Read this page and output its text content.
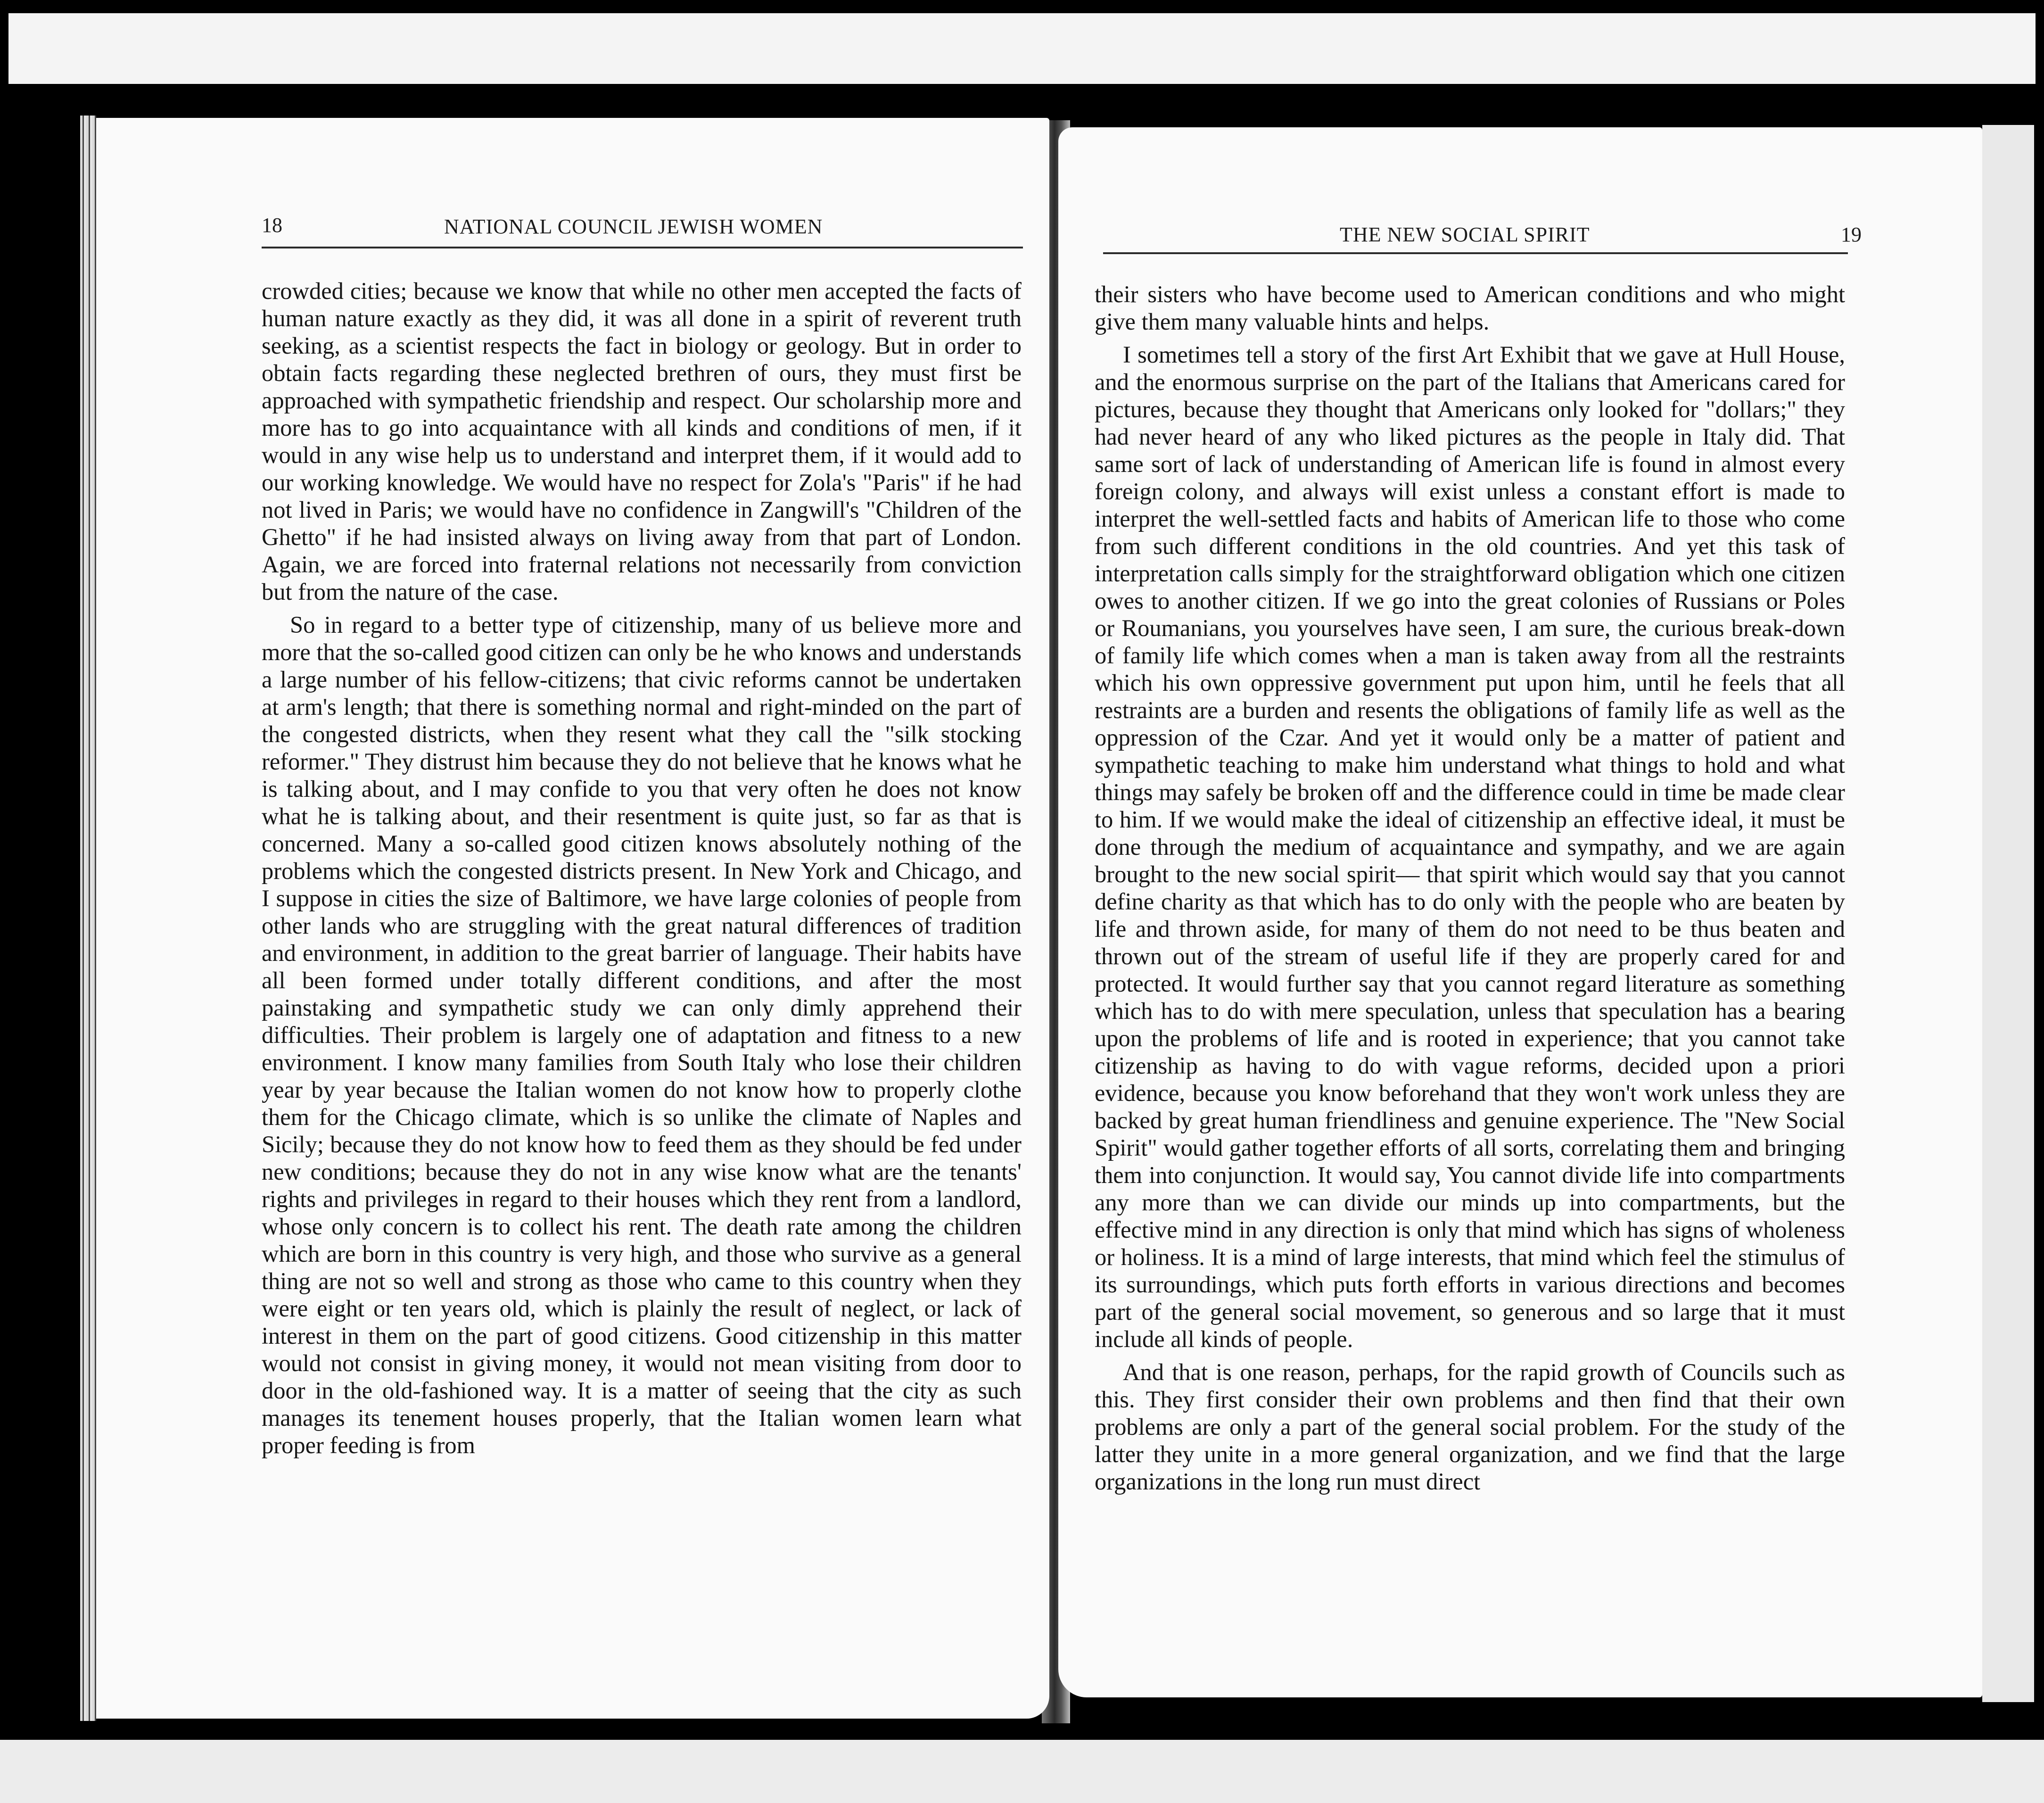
18	NATIONAL COUNCIL JEWISH WOMEN

crowded cities; because we know that while no other men accepted the facts of human nature exactly as they did, it was all done in a spirit of reverent truth seeking, as a scientist respects the fact in biology or geology. But in order to obtain facts regarding these neglected brethren of ours, they must first be approached with sympathetic friendship and respect. Our scholarship more and more has to go into acquaintance with all kinds and conditions of men, if it would in any wise help us to understand and interpret them, if it would add to our working knowledge. We would have no respect for Zola's "Paris" if he had not lived in Paris; we would have no confidence in Zangwill's "Children of the Ghetto" if he had insisted always on living away from that part of London. Again, we are forced into fraternal relations not necessarily from conviction but from the nature of the case.

So in regard to a better type of citizenship, many of us believe more and more that the so-called good citizen can only be he who knows and understands a large number of his fellow-citizens; that civic reforms cannot be undertaken at arm's length; that there is something normal and right-minded on the part of the congested districts, when they resent what they call the "silk stocking reformer." They distrust him because they do not believe that he knows what he is talking about, and I may confide to you that very often he does not know what he is talking about, and their resentment is quite just, so far as that is concerned. Many a so-called good citizen knows absolutely nothing of the problems which the congested districts present. In New York and Chicago, and I suppose in cities the size of Baltimore, we have large colonies of people from other lands who are struggling with the great natural differences of tradition and environment, in addition to the great barrier of language. Their habits have all been formed under totally different conditions, and after the most painstaking and sympathetic study we can only dimly apprehend their difficulties. Their problem is largely one of adaptation and fitness to a new environment. I know many families from South Italy who lose their children year by year because the Italian women do not know how to properly clothe them for the Chicago climate, which is so unlike the climate of Naples and Sicily; because they do not know how to feed them as they should be fed under new conditions; because they do not in any wise know what are the tenants' rights and privileges in regard to their houses which they rent from a landlord, whose only concern is to collect his rent. The death rate among the children which are born in this country is very high, and those who survive as a general thing are not so well and strong as those who came to this country when they were eight or ten years old, which is plainly the result of neglect, or lack of interest in them on the part of good citizens. Good citizenship in this matter would not consist in giving money, it would not mean visiting from door to door in the old-fashioned way. It is a matter of seeing that the city as such manages its tenement houses properly, that the Italian women learn what proper feeding is from

THE NEW SOCIAL SPIRIT	19

their sisters who have become used to American conditions and who might give them many valuable hints and helps.

I sometimes tell a story of the first Art Exhibit that we gave at Hull House, and the enormous surprise on the part of the Italians that Americans cared for pictures, because they thought that Americans only looked for "dollars;" they had never heard of any who liked pictures as the people in Italy did. That same sort of lack of understanding of American life is found in almost every foreign colony, and always will exist unless a constant effort is made to interpret the well-settled facts and habits of American life to those who come from such different conditions in the old countries. And yet this task of interpretation calls simply for the straightforward obligation which one citizen owes to another citizen. If we go into the great colonies of Russians or Poles or Roumanians, you yourselves have seen, I am sure, the curious break-down of family life which comes when a man is taken away from all the restraints which his own oppressive government put upon him, until he feels that all restraints are a burden and resents the obligations of family life as well as the oppression of the Czar. And yet it would only be a matter of patient and sympathetic teaching to make him understand what things to hold and what things may safely be broken off and the difference could in time be made clear to him. If we would make the ideal of citizenship an effective ideal, it must be done through the medium of acquaintance and sympathy, and we are again brought to the new social spirit— that spirit which would say that you cannot define charity as that which has to do only with the people who are beaten by life and thrown aside, for many of them do not need to be thus beaten and thrown out of the stream of useful life if they are properly cared for and protected. It would further say that you cannot regard literature as something which has to do with mere speculation, unless that speculation has a bearing upon the problems of life and is rooted in experience; that you cannot take citizenship as having to do with vague reforms, decided upon a priori evidence, because you know beforehand that they won't work unless they are backed by great human friendliness and genuine experience. The "New Social Spirit" would gather together efforts of all sorts, correlating them and bringing them into conjunction. It would say, You cannot divide life into compartments any more than we can divide our minds up into compartments, but the effective mind in any direction is only that mind which has signs of wholeness or holiness. It is a mind of large interests, that mind which feel the stimulus of its surroundings, which puts forth efforts in various directions and becomes part of the general social movement, so generous and so large that it must include all kinds of people.

And that is one reason, perhaps, for the rapid growth of Councils such as this. They first consider their own problems and then find that their own problems are only a part of the general social problem. For the study of the latter they unite in a more general organization, and we find that the large organizations in the long run must direct
